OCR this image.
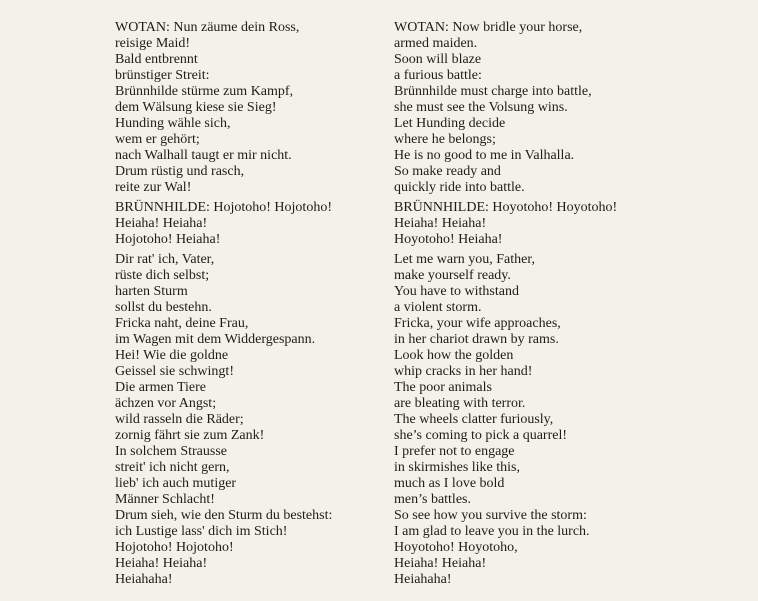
WOTAN: Nun zäume dein Ross,
reisige Maid!
Bald entbrennt
brünstiger Streit:
Brünnhilde stürme zum Kampf,
dem Wälsung kiese sie Sieg!
Hunding wähle sich,
wem er gehört;
nach Walhall taugt er mir nicht.
Drum rüstig und rasch,
reite zur Wal!
BRÜNNHILDE: Hojotoho! Hojotoho!
Heiaha! Heiaha!
Hojotoho! Heiaha!
Dir rat' ich, Vater,
rüste dich selbst;
harten Sturm
sollst du bestehn.
Fricka naht, deine Frau,
im Wagen mit dem Widdergespann.
Hei! Wie die goldne
Geissel sie schwingt!
Die armen Tiere
ächzen vor Angst;
wild rasseln die Räder;
zornig fährt sie zum Zank!
In solchem Strausse
streit' ich nicht gern,
lieb' ich auch mutiger
Männer Schlacht!
Drum sieh, wie den Sturm du bestehst:
ich Lustige lass' dich im Stich!
Hojotoho! Hojotoho!
Heiaha! Heiaha!
Heiahaha!
WOTAN: Now bridle your horse,
armed maiden.
Soon will blaze
a furious battle:
Brünnhilde must charge into battle,
she must see the Volsung wins.
Let Hunding decide
where he belongs;
He is no good to me in Valhalla.
So make ready and
quickly ride into battle.
BRÜNNHILDE: Hoyotoho! Hoyotoho!
Heiaha! Heiaha!
Hoyotoho! Heiaha!
Let me warn you, Father,
make yourself ready.
You have to withstand
a violent storm.
Fricka, your wife approaches,
in her chariot drawn by rams.
Look how the golden
whip cracks in her hand!
The poor animals
are bleating with terror.
The wheels clatter furiously,
she’s coming to pick a quarrel!
I prefer not to engage
in skirmishes like this,
much as I love bold
men’s battles.
So see how you survive the storm:
I am glad to leave you in the lurch.
Hoyotoho! Hoyotoho,
Heiaha! Heiaha!
Heiahaha!
